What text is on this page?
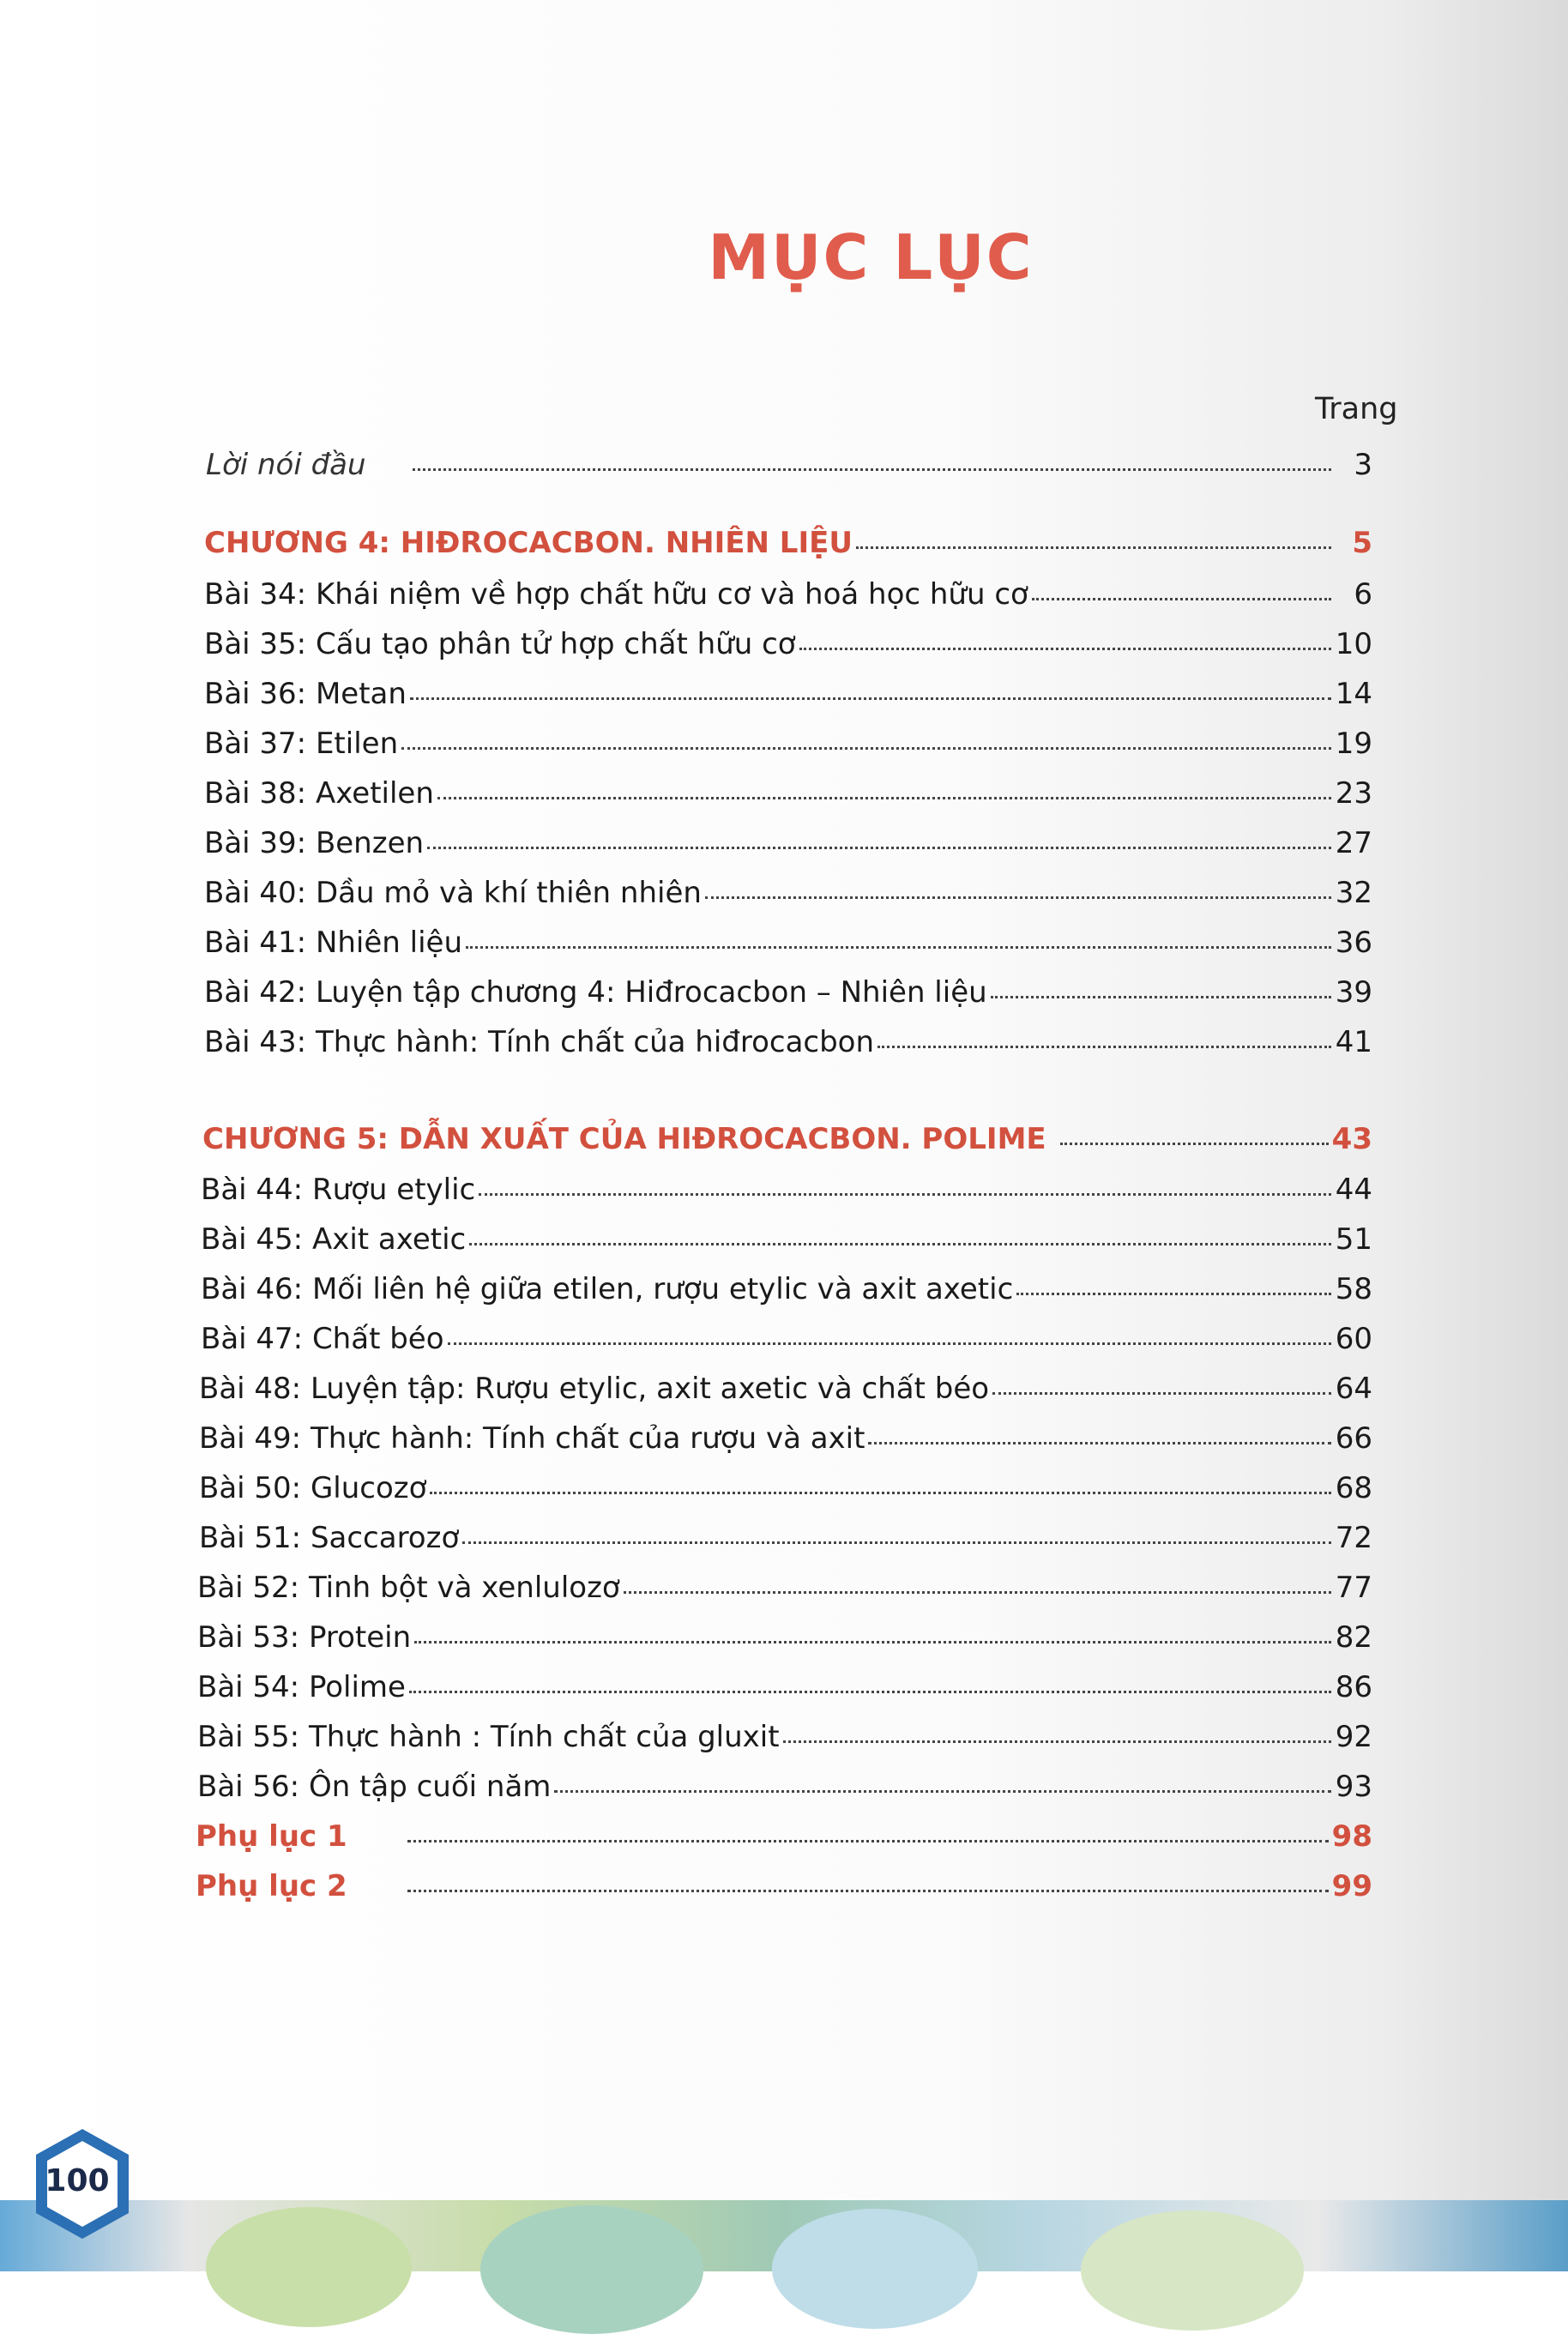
MỤC LỤC
Trang
Lời nói đầu	3
CHƯƠNG 4: HIĐROCACBON. NHIÊN LIỆU	5
Bài 34: Khái niệm về hợp chất hữu cơ và hoá học hữu cơ	6
Bài 35: Cấu tạo phân tử hợp chất hữu cơ	10
Bài 36: Metan	14
Bài 37: Etilen	19
Bài 38: Axetilen	23
Bài 39: Benzen	27
Bài 40: Dầu mỏ và khí thiên nhiên	32
Bài 41: Nhiên liệu	36
Bài 42: Luyện tập chương 4: Hiđrocacbon – Nhiên liệu	39
Bài 43: Thực hành: Tính chất của hiđrocacbon	41
CHƯƠNG 5: DẪN XUẤT CỦA HIĐROCACBON. POLIME	43
Bài 44: Rượu etylic	44
Bài 45: Axit axetic	51
Bài 46: Mối liên hệ giữa etilen, rượu etylic và axit axetic	58
Bài 47: Chất béo	60
Bài 48: Luyện tập: Rượu etylic, axit axetic và chất béo	64
Bài 49: Thực hành: Tính chất của rượu và axit	66
Bài 50: Glucozơ	68
Bài 51: Saccarozơ	72
Bài 52: Tinh bột và xenlulozơ	77
Bài 53: Protein	82
Bài 54: Polime	86
Bài 55: Thực hành : Tính chất của gluxit	92
Bài 56: Ôn tập cuối năm	93
Phụ lục 1	98
Phụ lục 2	99
100
